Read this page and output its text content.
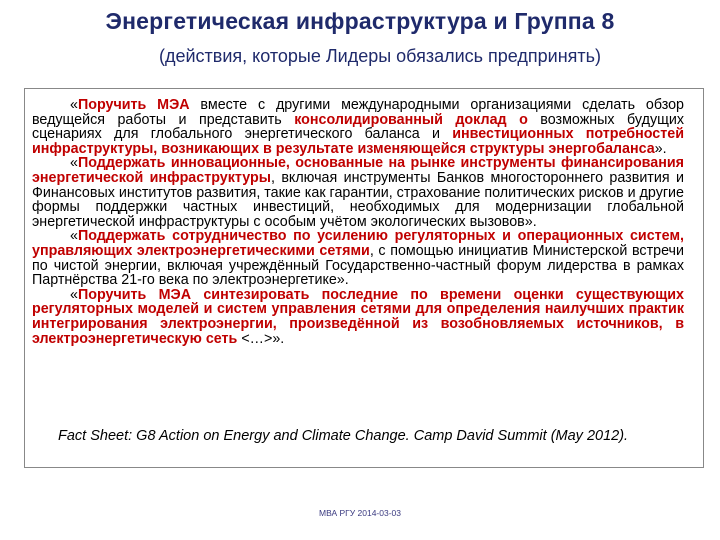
Энергетическая инфраструктура и Группа 8
(действия, которые Лидеры обязались предпринять)

«Поручить МЭА вместе с другими международными организациями сделать обзор ведущейся работы и представить консолидированный доклад о возможных будущих сценариях для глобального энергетического баланса и инвестиционных потребностей инфраструктуры, возникающих в результате изменяющейся структуры энергобаланса».

«Поддержать инновационные, основанные на рынке инструменты финансирования энергетической инфраструктуры, включая инструменты Банков многостороннего развития и Финансовых институтов развития, такие как гарантии, страхование политических рисков и другие формы поддержки частных инвестиций, необходимых для модернизации глобальной энергетической инфраструктуры с особым учётом экологических вызовов».

«Поддержать сотрудничество по усилению регуляторных и операционных систем, управляющих электроэнергетическими сетями, с помощью инициатив Министерской встречи по чистой энергии, включая учреждённый Государственно-частный форум лидерства в рамках Партнёрства 21-го века по электроэнергетике».

«Поручить МЭА синтезировать последние по времени оценки существующих регуляторных моделей и систем управления сетями для определения наилучших практик интегрирования электроэнергии, произведённой из возобновляемых источников, в электроэнергетическую сеть <…>».

Fact Sheet: G8 Action on Energy and Climate Change. Camp David Summit (May 2012).
МВА РГУ 2014-03-03
